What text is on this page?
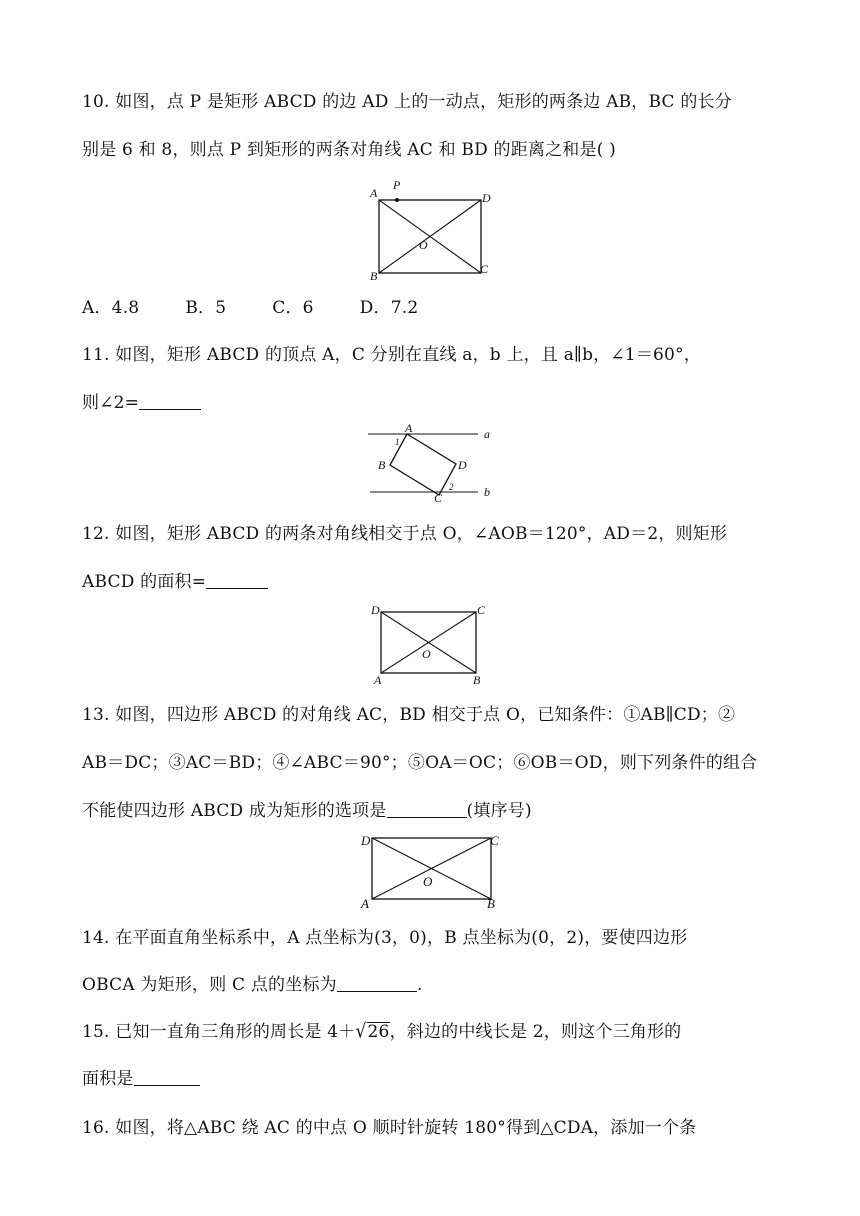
10. 如图，点 P 是矩形 ABCD 的边 AD 上的一动点，矩形的两条边 AB，BC 的长分
别是 6 和 8，则点 P 到矩形的两条对角线 AC 和 BD 的距离之和是( )
A
P
D
O
B	C
A．4.8	B．5	C．6	D．7.2
11. 如图，矩形 ABCD 的顶点 A，C 分别在直线 a，b 上，且 a∥b，∠1＝60°，
则∠2=
A
B	D
C
a
b
1
2
12. 如图，矩形 ABCD 的两条对角线相交于点 O，∠AOB＝120°，AD＝2，则矩形
ABCD 的面积=
D	C
O
A	B
13. 如图，四边形 ABCD 的对角线 AC，BD 相交于点 O，已知条件：①AB∥CD；②
AB＝DC；③AC＝BD；④∠ABC＝90°；⑤OA＝OC；⑥OB＝OD，则下列条件的组合
不能使四边形 ABCD 成为矩形的选项是	(填序号)
D	C
O
A	B
14. 在平面直角坐标系中，A 点坐标为(3，0)，B 点坐标为(0，2)，要使四边形
OBCA 为矩形，则 C 点的坐标为	.
15. 已知一直角三角形的周长是 4＋√26，斜边的中线长是 2，则这个三角形的
面积是
16. 如图，将△ABC 绕 AC 的中点 O 顺时针旋转 180°得到△CDA，添加一个条
